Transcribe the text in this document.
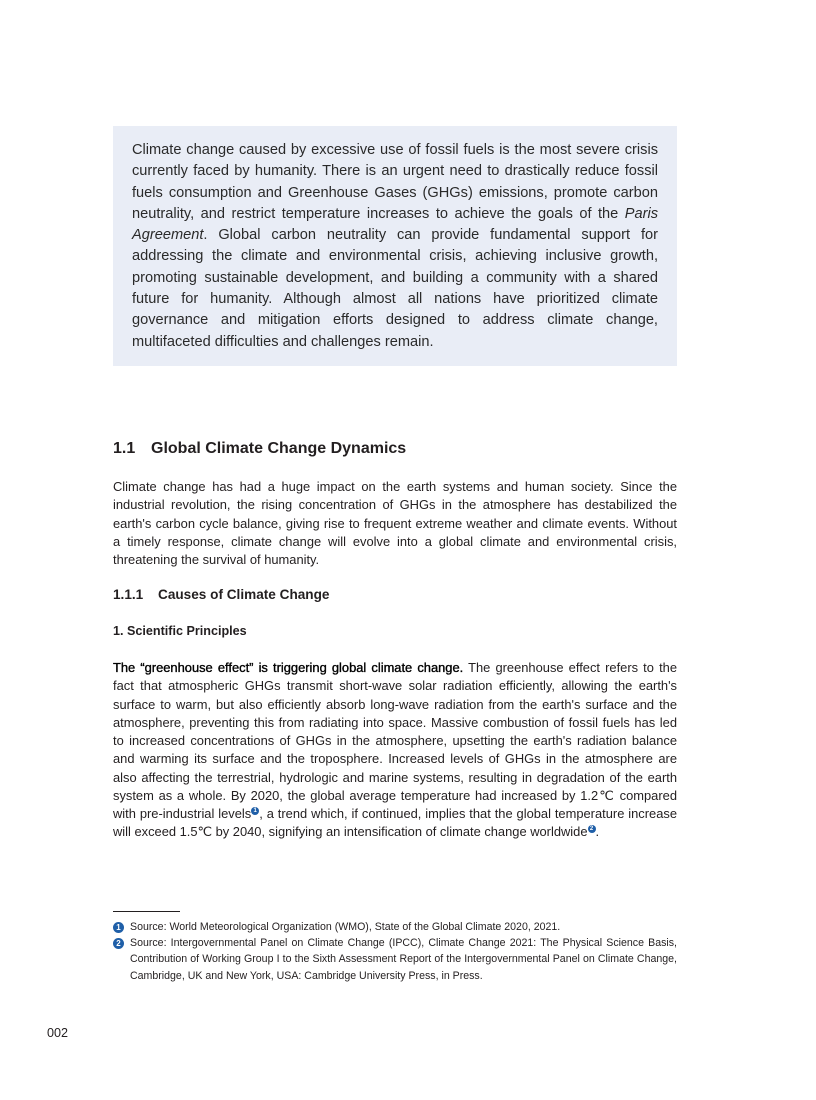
Climate change caused by excessive use of fossil fuels is the most severe crisis currently faced by humanity. There is an urgent need to drastically reduce fossil fuels consumption and Greenhouse Gases (GHGs) emissions, promote carbon neutrality, and restrict temperature increases to achieve the goals of the Paris Agreement. Global carbon neutrality can provide fundamental support for addressing the climate and environmental crisis, achieving inclusive growth, promoting sustainable development, and building a community with a shared future for humanity. Although almost all nations have prioritized climate governance and mitigation efforts designed to address climate change, multifaceted difficulties and challenges remain.

1.1 Global Climate Change Dynamics

Climate change has had a huge impact on the earth systems and human society. Since the industrial revolution, the rising concentration of GHGs in the atmosphere has destabilized the earth's carbon cycle balance, giving rise to frequent extreme weather and climate events. Without a timely response, climate change will evolve into a global climate and environmental crisis, threatening the survival of humanity.

1.1.1 Causes of Climate Change
1. Scientific Principles

The “greenhouse effect” is triggering global climate change. The greenhouse effect refers to the fact that atmospheric GHGs transmit short-wave solar radiation efficiently, allowing the earth's surface to warm, but also efficiently absorb long-wave radiation from the earth's surface and the atmosphere, preventing this from radiating into space. Massive combustion of fossil fuels has led to increased concentrations of GHGs in the atmosphere, upsetting the earth's radiation balance and warming its surface and the troposphere. Increased levels of GHGs in the atmosphere are also affecting the terrestrial, hydrologic and marine systems, resulting in degradation of the earth system as a whole. By 2020, the global average temperature had increased by 1.2℃ compared with pre-industrial levels 1 , a trend which, if continued, implies that the global temperature increase will exceed 1.5℃ by 2040, signifying an intensification of climate change worldwide 2 .

1 Source: World Meteorological Organization (WMO), State of the Global Climate 2020, 2021.

2 Source: Intergovernmental Panel on Climate Change (IPCC), Climate Change 2021: The Physical Science Basis, Contribution of Working Group I to the Sixth Assessment Report of the Intergovernmental Panel on Climate Change, Cambridge, UK and New York, USA: Cambridge University Press, in Press.

002
